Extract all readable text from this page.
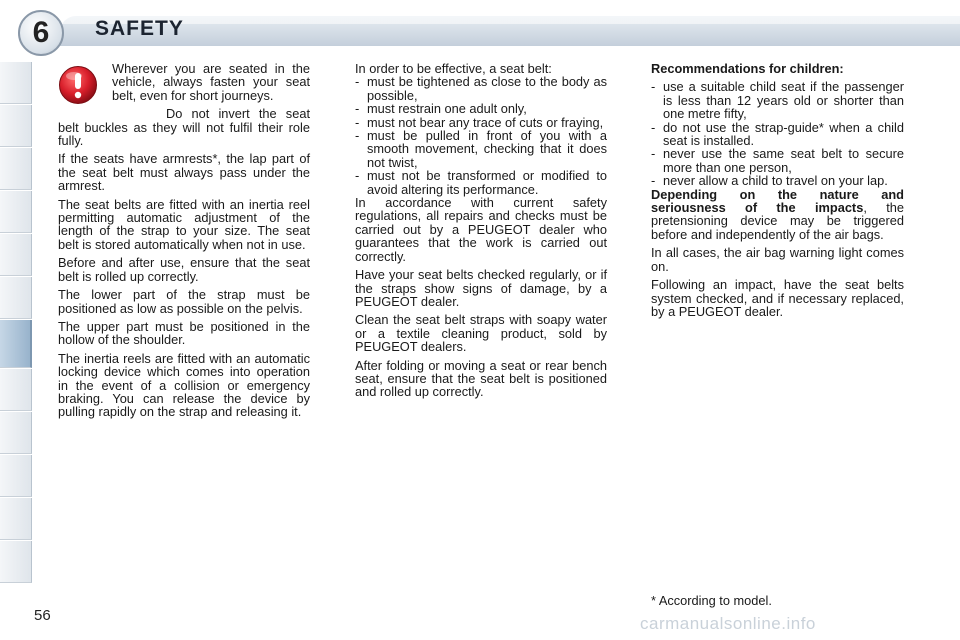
6	SAFETY

Wherever you are seated in the vehicle, always fasten your seat belt, even for short journeys.

Do not invert the seat belt buckles as they will not fulfil their role fully.

If the seats have armrests*, the lap part of the seat belt must always pass under the armrest.

The seat belts are fitted with an inertia reel permitting automatic adjustment of the length of the strap to your size. The seat belt is stored automatically when not in use.

Before and after use, ensure that the seat belt is rolled up correctly.

The lower part of the strap must be positioned as low as possible on the pelvis.

The upper part must be positioned in the hollow of the shoulder.

The inertia reels are fitted with an automatic locking device which comes into operation in the event of a collision or emergency braking. You can release the device by pulling rapidly on the strap and releasing it.

In order to be effective, a seat belt:

- must be tightened as close to the body as possible,
- must restrain one adult only,
- must not bear any trace of cuts or fraying,
- must be pulled in front of you with a smooth movement, checking that it does not twist,
- must not be transformed or modified to avoid altering its performance.

In accordance with current safety regulations, all repairs and checks must be carried out by a PEUGEOT dealer who guarantees that the work is carried out correctly.

Have your seat belts checked regularly, or if the straps show signs of damage, by a PEUGEOT dealer.

Clean the seat belt straps with soapy water or a textile cleaning product, sold by PEUGEOT dealers.

After folding or moving a seat or rear bench seat, ensure that the seat belt is positioned and rolled up correctly.

Recommendations for children:

- use a suitable child seat if the passenger is less than 12 years old or shorter than one metre fifty,
- do not use the strap-guide* when a child seat is installed.
- never use the same seat belt to secure more than one person,
- never allow a child to travel on your lap.

Depending on the nature and seriousness of the impacts, the pretensioning device may be triggered before and independently of the air bags.

In all cases, the air bag warning light comes on.

Following an impact, have the seat belts system checked, and if necessary replaced, by a PEUGEOT dealer.

* According to model.
56	carmanualsonline.info
